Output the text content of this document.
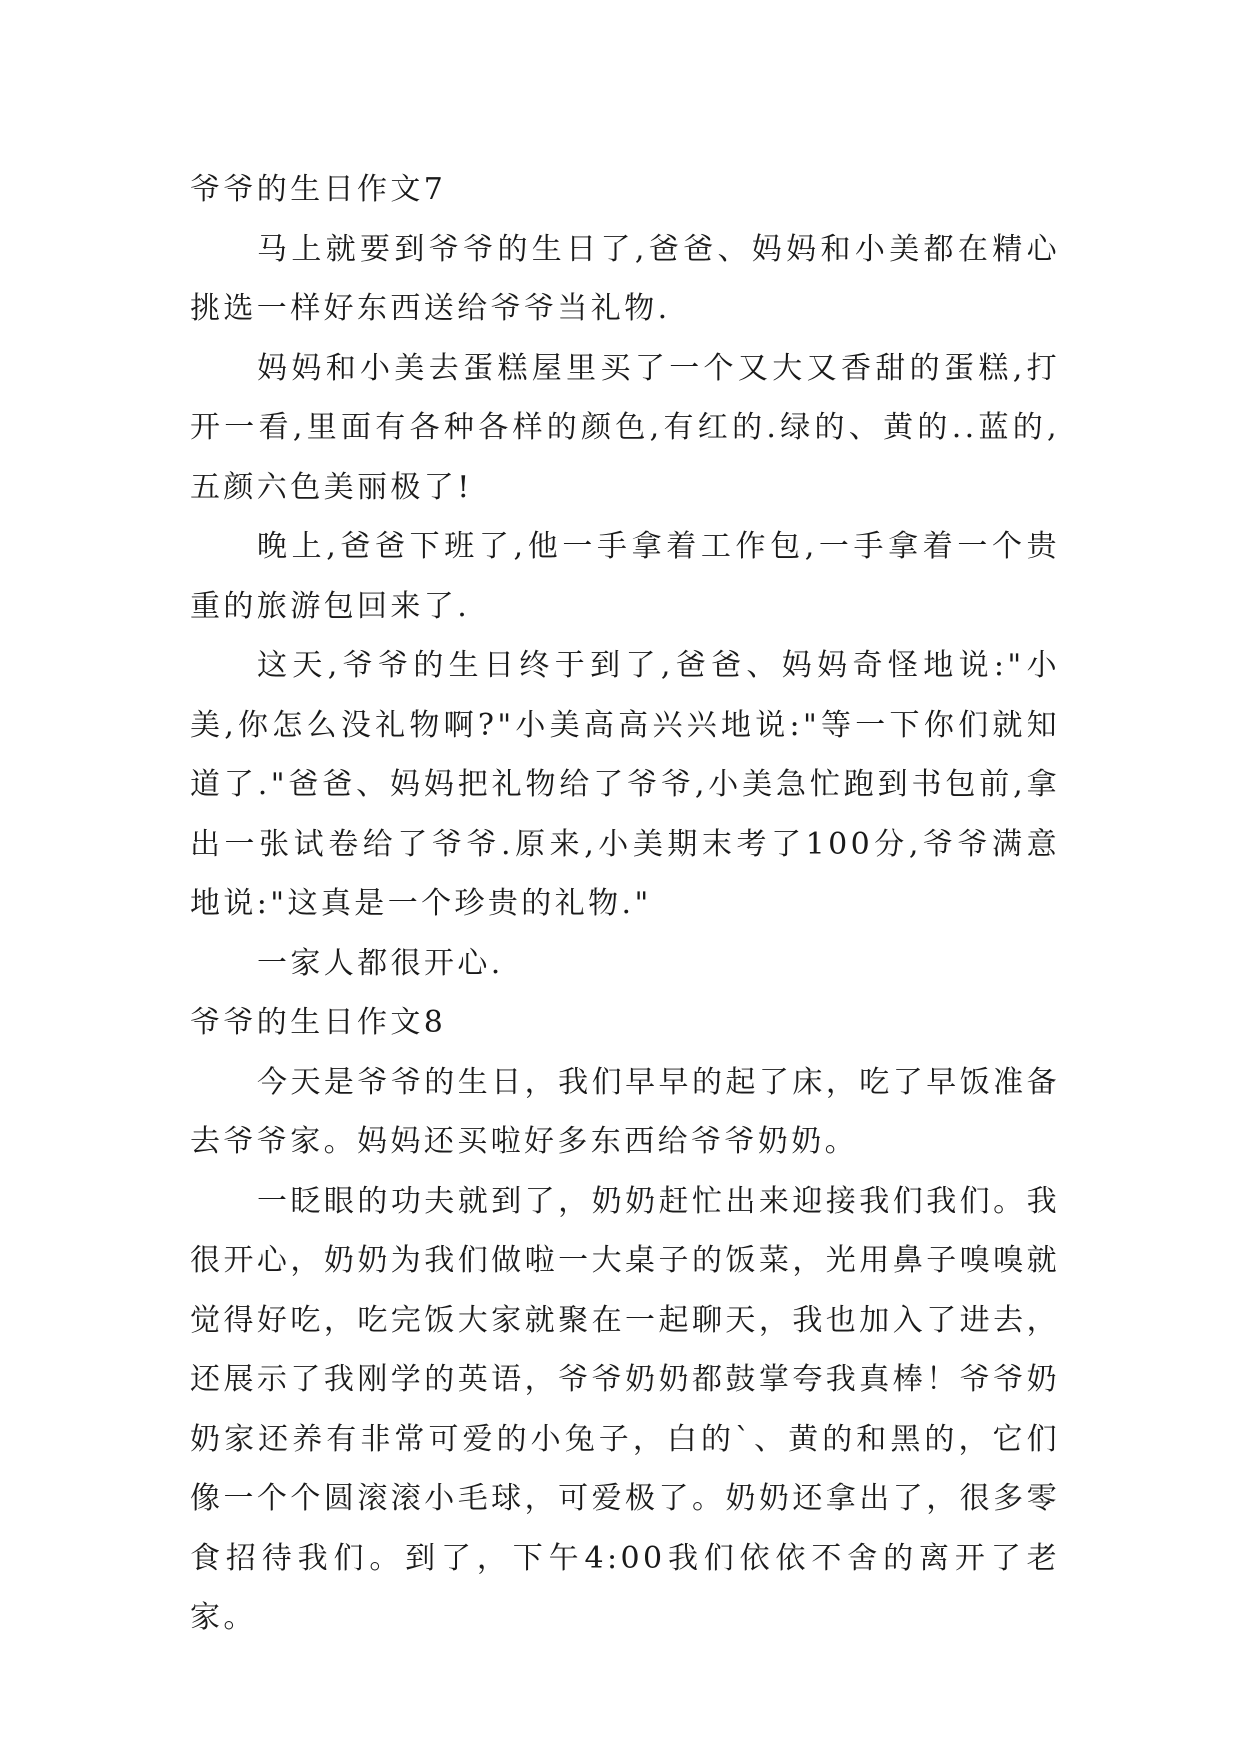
爷爷的生日作文7

马上就要到爷爷的生日了,爸爸、妈妈和小美都在精心挑选一样好东西送给爷爷当礼物.

妈妈和小美去蛋糕屋里买了一个又大又香甜的蛋糕,打开一看,里面有各种各样的颜色,有红的.绿的、黄的..蓝的,五颜六色美丽极了!

晚上,爸爸下班了,他一手拿着工作包,一手拿着一个贵重的旅游包回来了.

这天,爷爷的生日终于到了,爸爸、妈妈奇怪地说:"小美,你怎么没礼物啊?"小美高高兴兴地说:"等一下你们就知道了."爸爸、妈妈把礼物给了爷爷,小美急忙跑到书包前,拿出一张试卷给了爷爷.原来,小美期末考了100分,爷爷满意地说:"这真是一个珍贵的礼物."

一家人都很开心.

爷爷的生日作文8

今天是爷爷的生日，我们早早的起了床，吃了早饭准备去爷爷家。妈妈还买啦好多东西给爷爷奶奶。

一眨眼的功夫就到了，奶奶赶忙出来迎接我们我们。我很开心，奶奶为我们做啦一大桌子的饭菜，光用鼻子嗅嗅就觉得好吃，吃完饭大家就聚在一起聊天，我也加入了进去，还展示了我刚学的英语，爷爷奶奶都鼓掌夸我真棒！爷爷奶奶家还养有非常可爱的小兔子，白的`、黄的和黑的，它们像一个个圆滚滚小毛球，可爱极了。奶奶还拿出了，很多零食招待我们。到了，下午4:00我们依依不舍的离开了老家。
